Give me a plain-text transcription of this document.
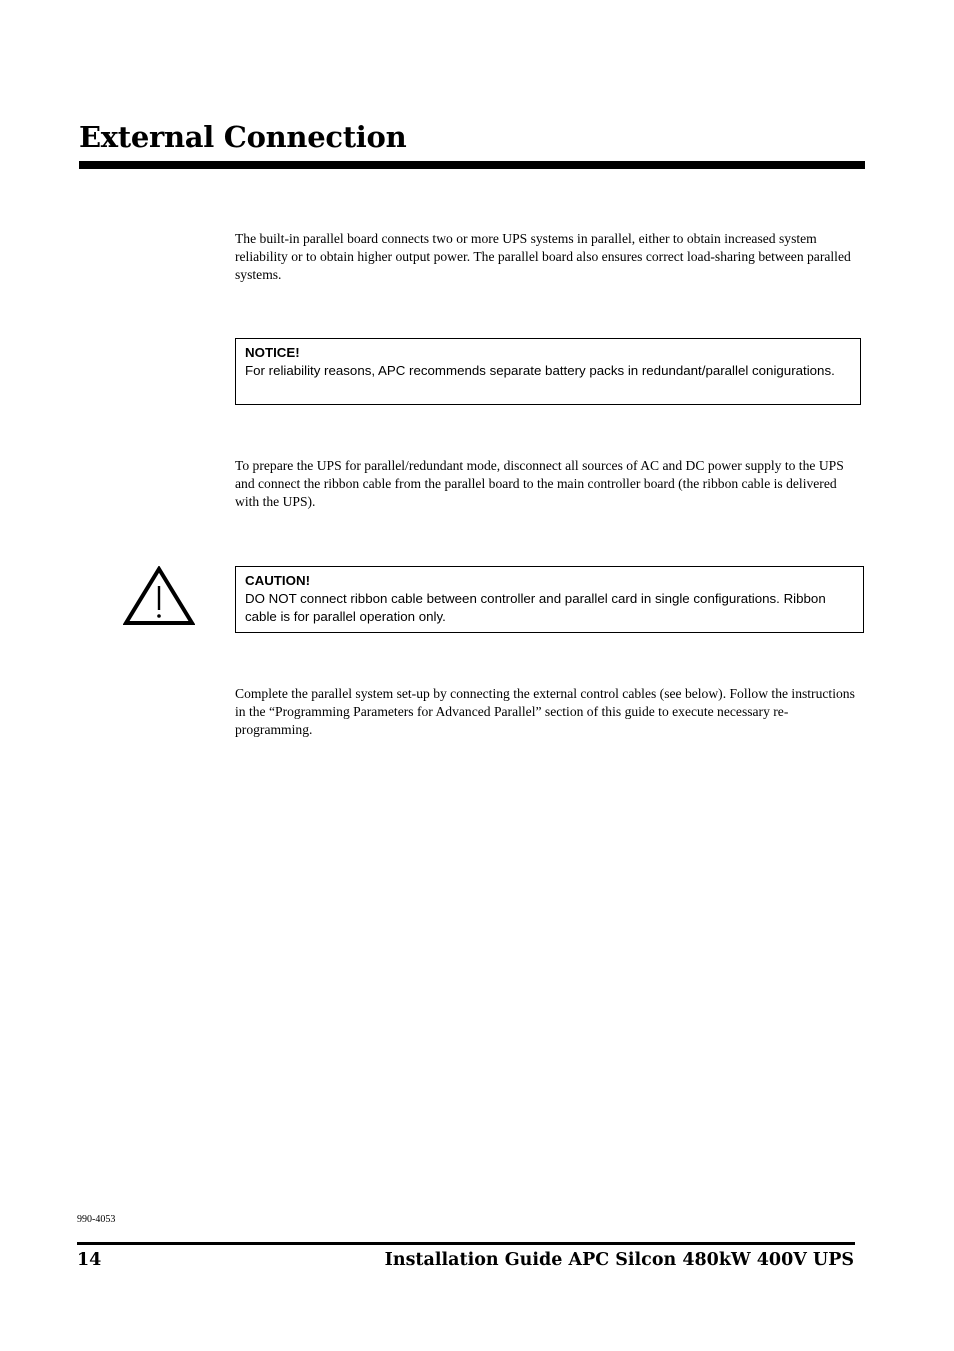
External Connection

The built-in parallel board connects two or more UPS systems in parallel, either to obtain increased system reliability or to obtain higher output power. The parallel board also ensures correct load-sharing between paralled systems.

NOTICE!
For reliability reasons, APC recommends separate battery packs in redundant/parallel conigurations.

To prepare the UPS for parallel/redundant mode, disconnect all sources of AC and DC power supply to the UPS and connect the ribbon cable from the parallel board to the main controller board (the ribbon cable is delivered with the UPS).

CAUTION!
DO NOT connect ribbon cable between controller and parallel card in single configurations. Ribbon cable is for parallel operation only.

Complete the parallel system set-up by connecting the external control cables (see below). Follow the instructions in the “Programming Parameters for Advanced Parallel” section of this guide to execute necessary re-programming.

990-4053
14	Installation Guide APC Silcon 480kW 400V UPS
